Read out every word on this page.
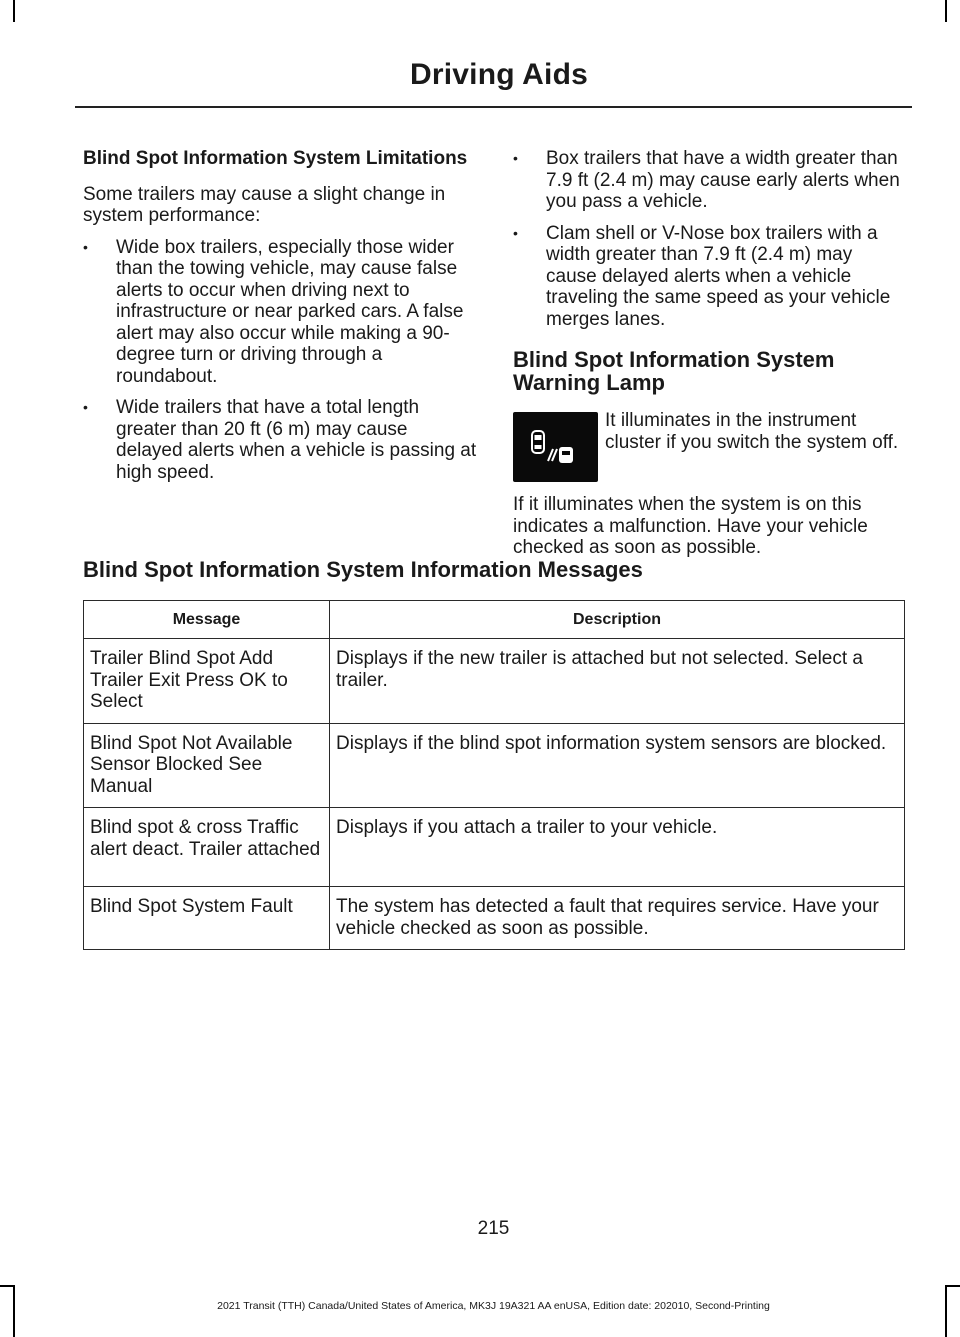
Driving Aids
Blind Spot Information System Limitations

Some trailers may cause a slight change in system performance:

• Wide box trailers, especially those wider than the towing vehicle, may cause false alerts to occur when driving next to infrastructure or near parked cars. A false alert may also occur while making a 90-degree turn or driving through a roundabout.
• Wide trailers that have a total length greater than 20 ft (6 m) may cause delayed alerts when a vehicle is passing at high speed.
• Box trailers that have a width greater than 7.9 ft (2.4 m) may cause early alerts when you pass a vehicle.
• Clam shell or V-Nose box trailers with a width greater than 7.9 ft (2.4 m) may cause delayed alerts when a vehicle traveling the same speed as your vehicle merges lanes.
Blind Spot Information System Warning Lamp
It illuminates in the instrument cluster if you switch the system off.

If it illuminates when the system is on this indicates a malfunction. Have your vehicle checked as soon as possible.

Blind Spot Information System Information Messages
Message	Description
Trailer Blind Spot Add Trailer Exit Press OK to Select	Displays if the new trailer is attached but not selected. Select a trailer.
Blind Spot Not Available Sensor Blocked See Manual	Displays if the blind spot information system sensors are blocked.
Blind spot & cross Traffic alert deact. Trailer attached	Displays if you attach a trailer to your vehicle.
Blind Spot System Fault	The system has detected a fault that requires service. Have your vehicle checked as soon as possible.
215
2021 Transit (TTH) Canada/United States of America, MK3J 19A321 AA enUSA, Edition date: 202010, Second-Printing
